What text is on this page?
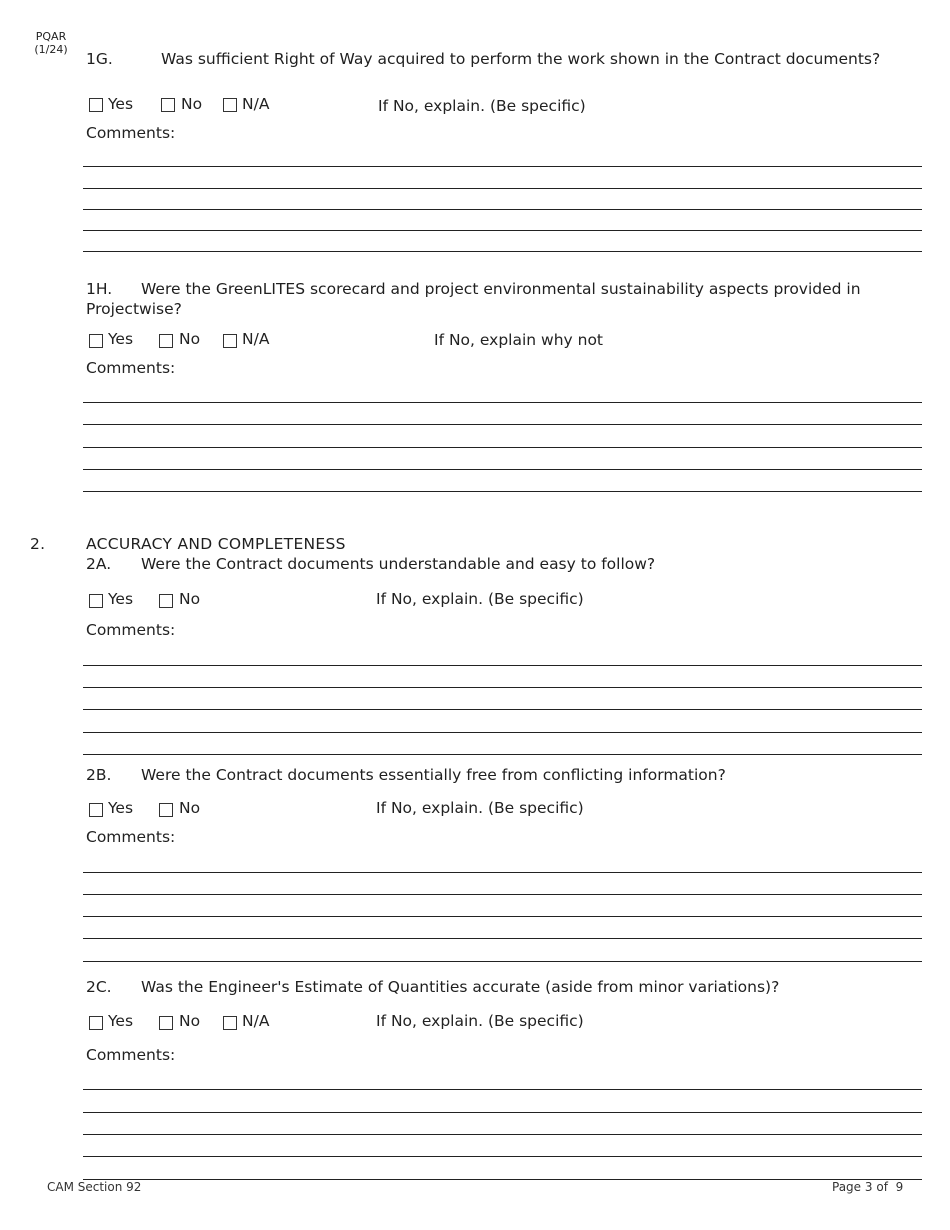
PQAR
(1/24)
1G.	Was sufficient Right of Way acquired to perform the work shown in the Contract documents?
Yes	No	N/A	If No, explain. (Be specific)
Comments:
1H. Were the GreenLITES scorecard and project environmental sustainability aspects provided in
Projectwise?
Yes	No	N/A	If No, explain why not
Comments:
2.	ACCURACY AND COMPLETENESS
2A. Were the Contract documents understandable and easy to follow?
Yes	No	If No, explain. (Be specific)
Comments:
2B. Were the Contract documents essentially free from conflicting information?
Yes	No	If No, explain. (Be specific)
Comments:
2C. Was the Engineer's Estimate of Quantities accurate (aside from minor variations)?
Yes	No	N/A	If No, explain. (Be specific)
Comments:
CAM Section 92	Page 3 of 9
